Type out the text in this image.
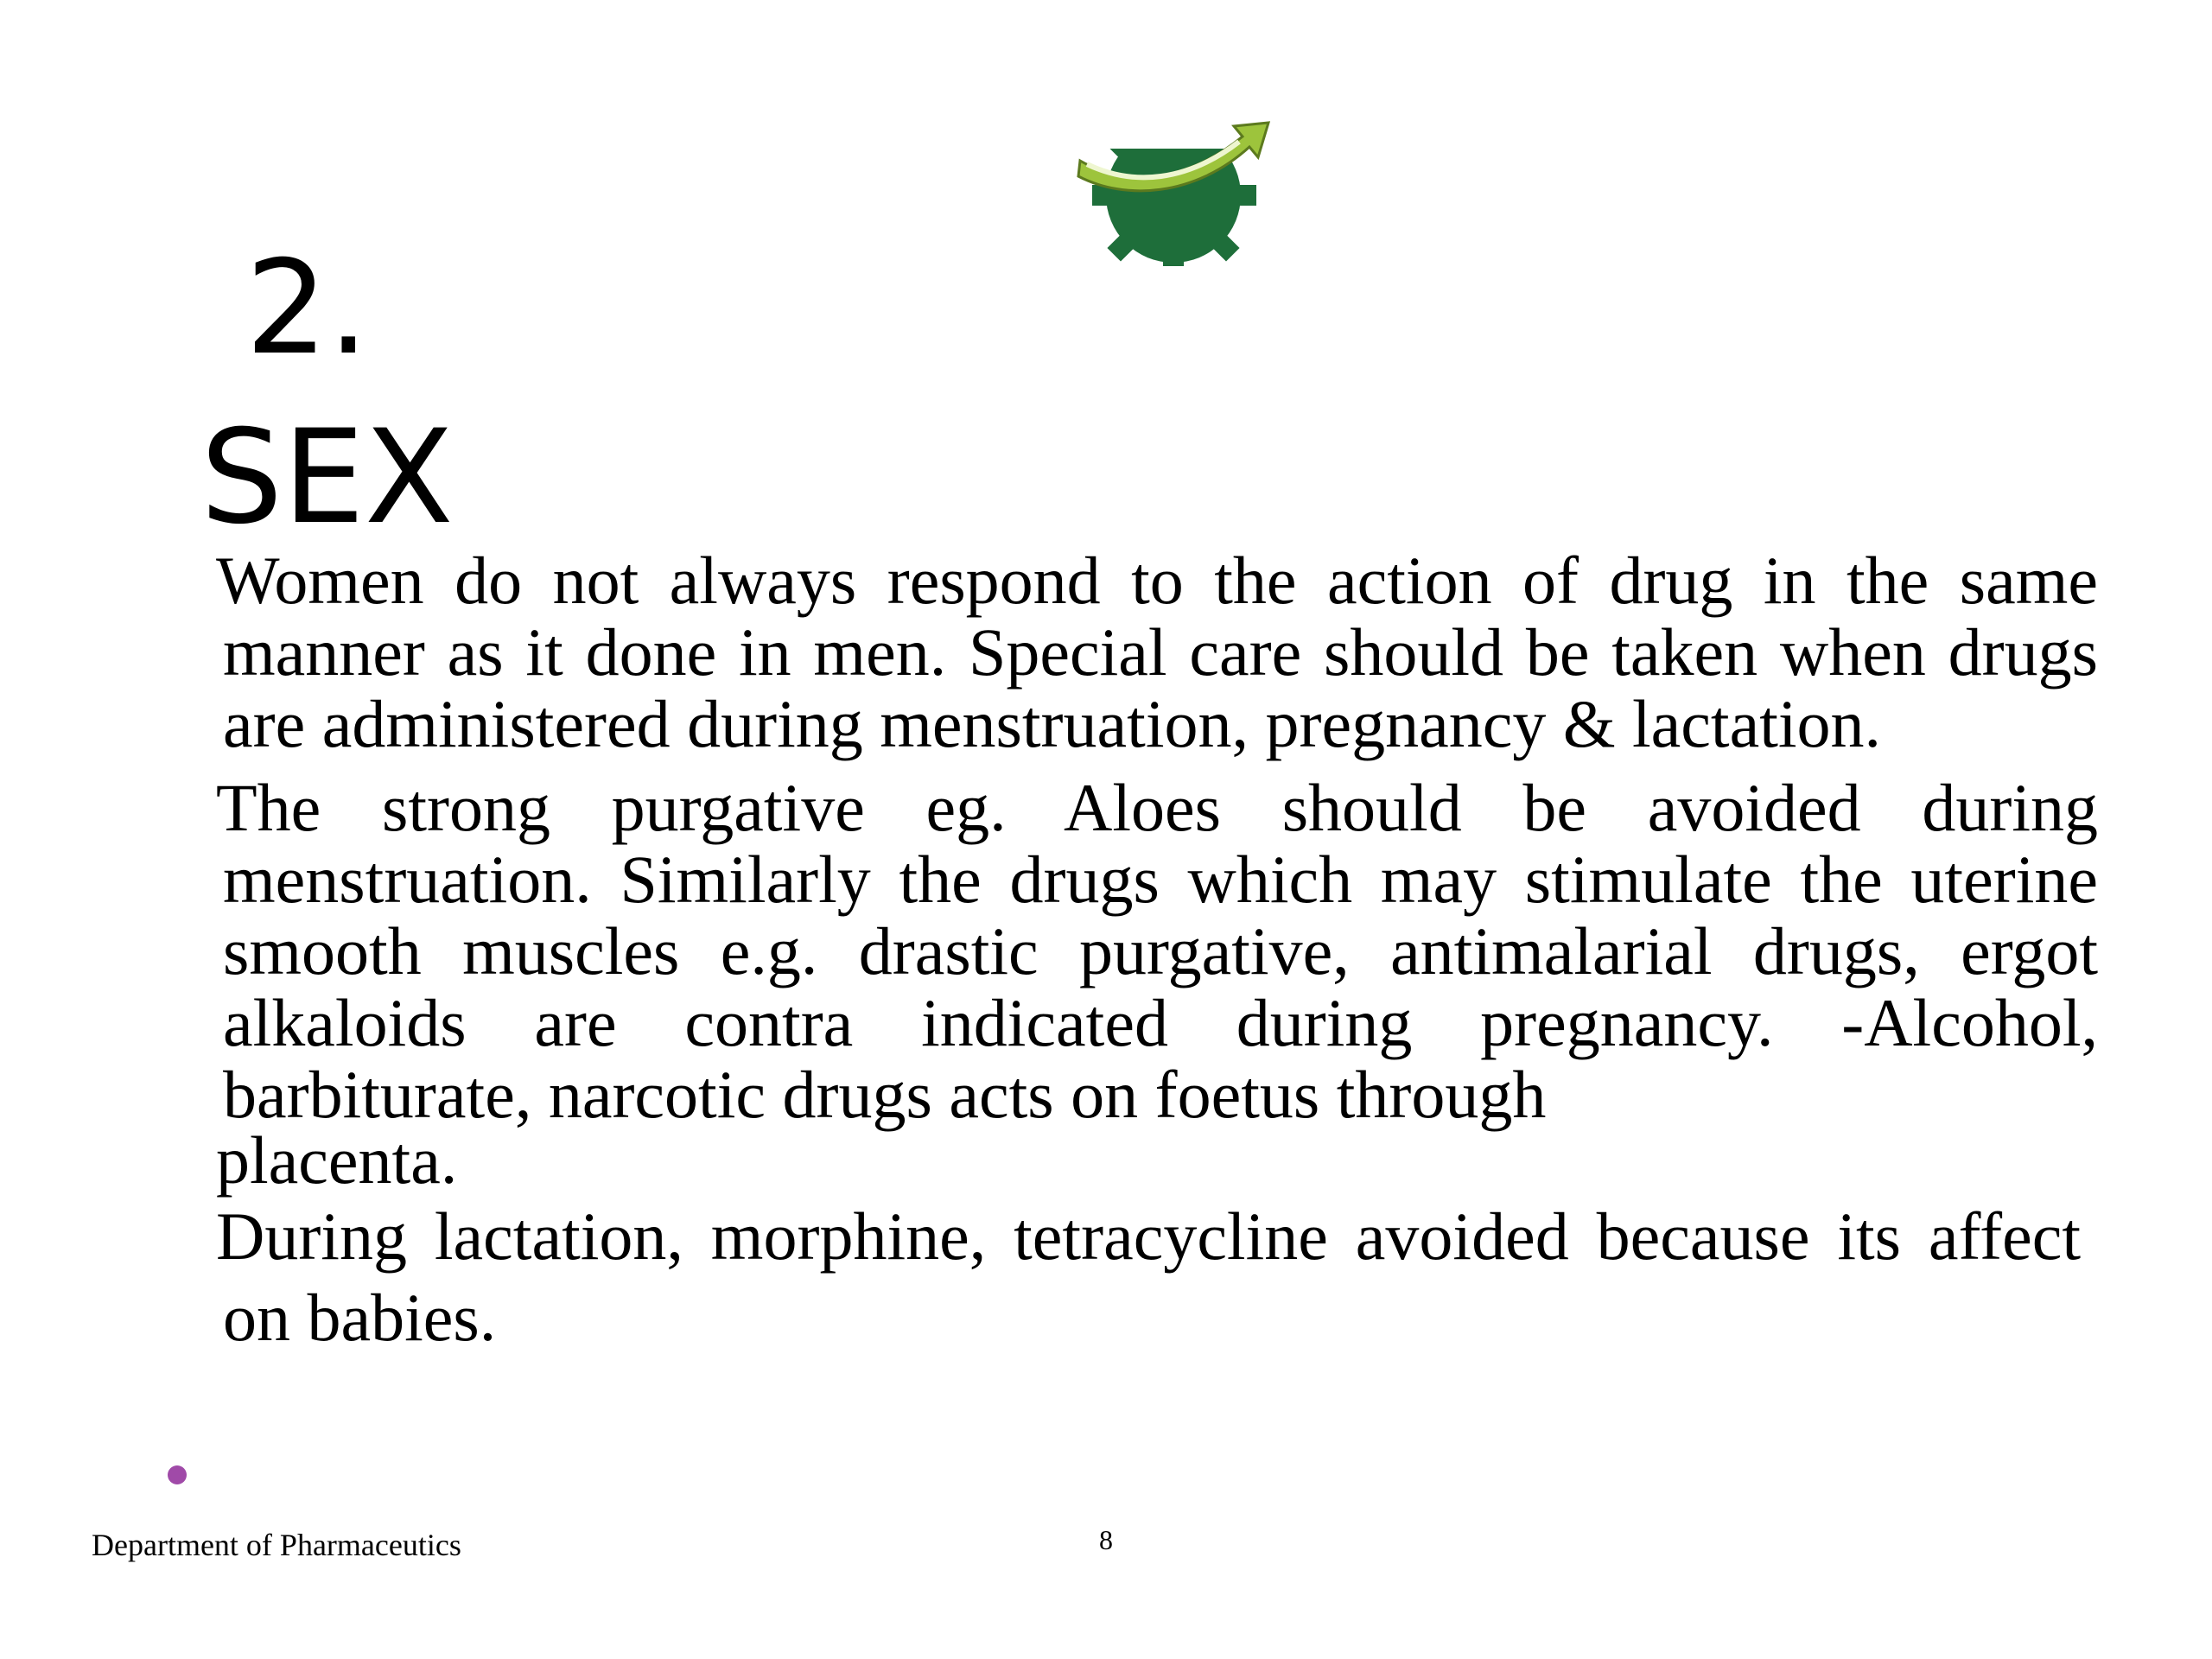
2.
SEX

Women do not always respond to the action of drug in the same manner as it done in men. Special care should be taken when drugs are administered during menstruation, pregnancy & lactation.

The strong purgative eg. Aloes should be avoided during menstruation. Similarly the drugs which may stimulate the uterine smooth muscles e.g. drastic purgative, antimalarial drugs, ergot alkaloids are contra indicated during pregnancy. -Alcohol, barbiturate, narcotic drugs acts on foetus through
placenta.

During lactation, morphine, tetracycline avoided because its affect on babies.

Department of Pharmaceutics	8
